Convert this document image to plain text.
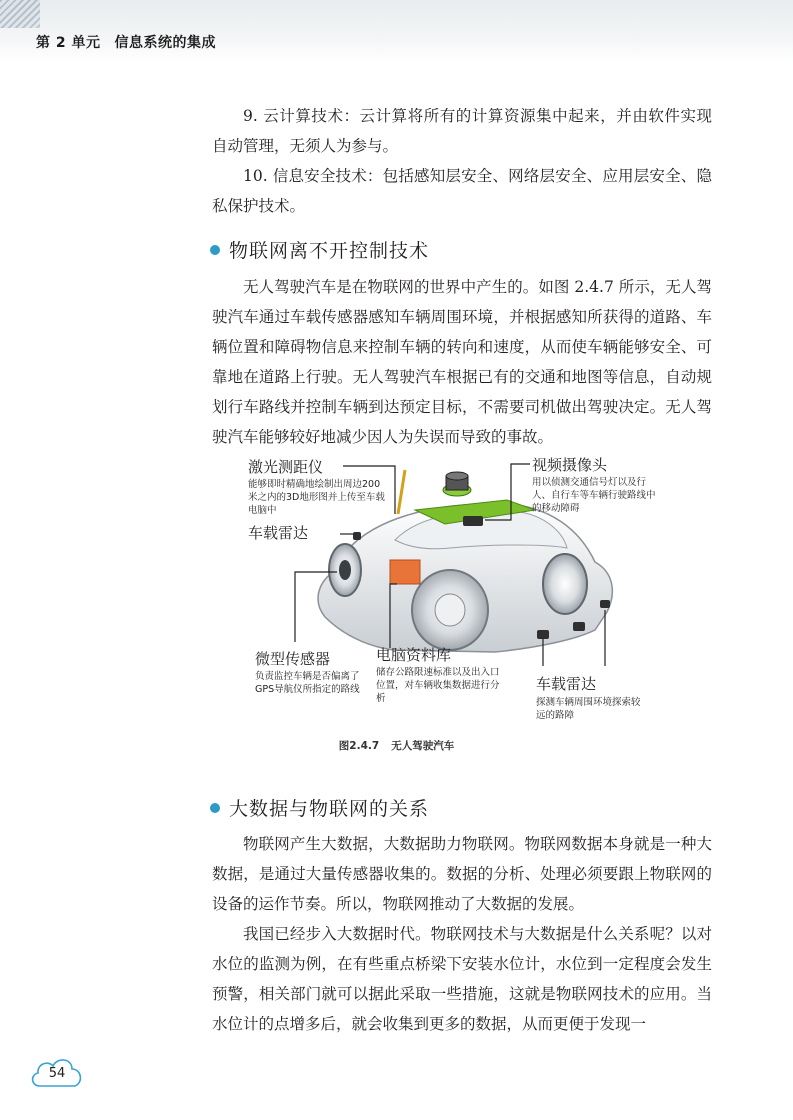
第 2 单元 信息系统的集成

9. 云计算技术：云计算将所有的计算资源集中起来，并由软件实现自动管理，无须人为参与。

10. 信息安全技术：包括感知层安全、网络层安全、应用层安全、隐私保护技术。

物联网离不开控制技术

无人驾驶汽车是在物联网的世界中产生的。如图 2.4.7 所示，无人驾驶汽车通过车载传感器感知车辆周围环境，并根据感知所获得的道路、车辆位置和障碍物信息来控制车辆的转向和速度，从而使车辆能够安全、可靠地在道路上行驶。无人驾驶汽车根据已有的交通和地图等信息，自动规划行车路线并控制车辆到达预定目标，不需要司机做出驾驶决定。无人驾驶汽车能够较好地减少因人为失误而导致的事故。

激光测距仪
能够即时精确地绘制出周边200米之内的3D地形图并上传至车载电脑中
车载雷达
视频摄像头
用以侦测交通信号灯以及行人、自行车等车辆行驶路线中的移动障碍
微型传感器
负责监控车辆是否偏离了GPS导航仪所指定的路线
电脑资料库
储存公路限速标准以及出入口位置，对车辆收集数据进行分析
车载雷达
探测车辆周围环境探索较远的路障
图2.4.7 无人驾驶汽车
大数据与物联网的关系

物联网产生大数据，大数据助力物联网。物联网数据本身就是一种大数据，是通过大量传感器收集的。数据的分析、处理必须要跟上物联网的设备的运作节奏。所以，物联网推动了大数据的发展。

我国已经步入大数据时代。物联网技术与大数据是什么关系呢？以对水位的监测为例，在有些重点桥梁下安装水位计，水位到一定程度会发生预警，相关部门就可以据此采取一些措施，这就是物联网技术的应用。当水位计的点增多后，就会收集到更多的数据，从而更便于发现一

54
